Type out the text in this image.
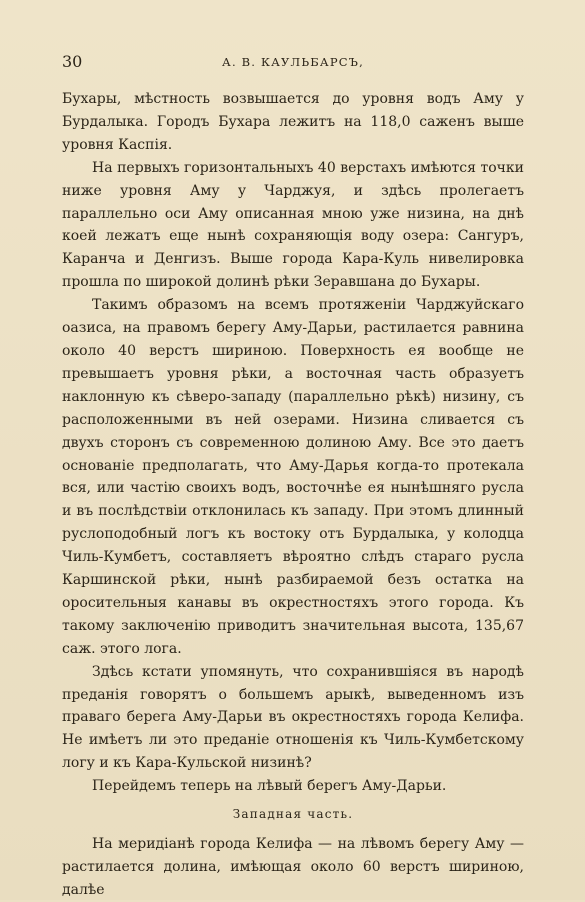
30	А. В. КАУЛЬБАРСЪ,

Бухары, мѣстность возвышается до уровня водъ Аму у Бурдалыка. Городъ Бухара лежитъ на 118,0 саженъ выше уровня Каспія.

На первыхъ горизонтальныхъ 40 верстахъ имѣются точки ниже уровня Аму у Чарджуя, и здѣсь пролегаетъ параллельно оси Аму описанная мною уже низина, на днѣ коей лежатъ еще нынѣ сохраняющія воду озера: Сангуръ, Каранча и Денгизъ. Выше города Кара-Куль нивелировка прошла по широкой долинѣ рѣки Зеравшана до Бухары.

Такимъ образомъ на всемъ протяженіи Чарджуйскаго оазиса, на правомъ берегу Аму-Дарьи, растилается равнина около 40 верстъ шириною. Поверхность ея вообще не превышаетъ уровня рѣки, а восточная часть образуетъ наклонную къ сѣверо-западу (параллельно рѣкѣ) низину, съ расположенными въ ней озерами. Низина сливается съ двухъ сторонъ съ современною долиною Аму. Все это даетъ основаніе предполагать, что Аму-Дарья когда-то протекала вся, или частію своихъ водъ, восточнѣе ея нынѣшняго русла и въ послѣдствіи отклонилась къ западу. При этомъ длинный руслоподобный логъ къ востоку отъ Бурдалыка, у колодца Чиль-Кумбетъ, составляетъ вѣроятно слѣдъ стараго русла Каршинской рѣки, нынѣ разбираемой безъ остатка на оросительныя канавы въ окрестностяхъ этого города. Къ такому заключенію приводитъ значительная высота, 135,67 саж. этого лога.

Здѣсь кстати упомянуть, что сохранившіяся въ народѣ преданія говорятъ о большемъ арыкѣ, выведенномъ изъ праваго берега Аму-Дарьи въ окрестностяхъ города Келифа. Не имѣетъ ли это преданіе отношенія къ Чиль-Кумбетскому логу и къ Кара-Кульской низинѣ?

Перейдемъ теперь на лѣвый берегъ Аму-Дарьи.

Западная часть.

На меридіанѣ города Келифа — на лѣвомъ берегу Аму — растилается долина, имѣющая около 60 верстъ шириною, далѣе
